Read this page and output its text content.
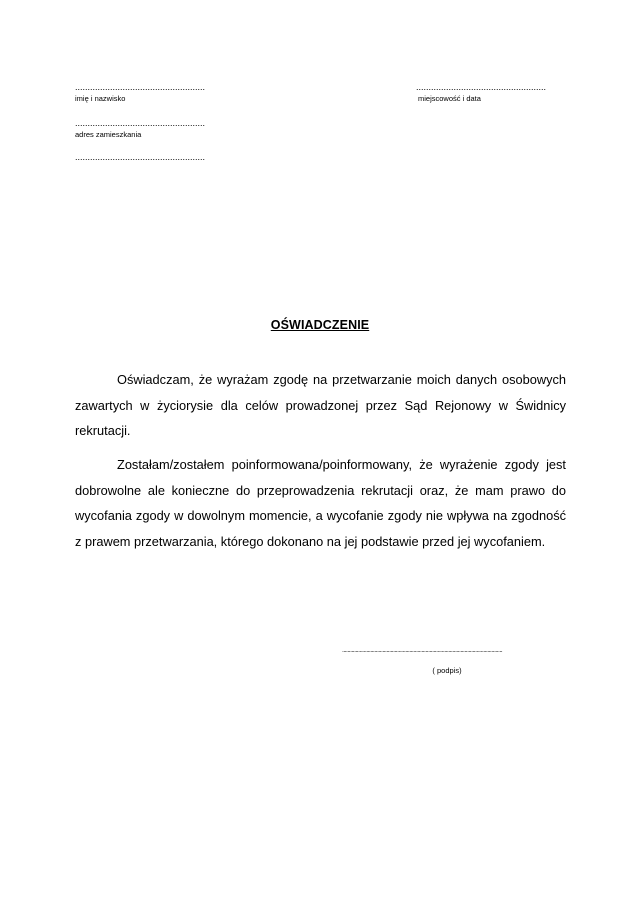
....................................................
imię i nazwisko
....................................................
adres zamieszkania
....................................................
....................................................
miejscowość i data
OŚWIADCZENIE

Oświadczam, że wyrażam zgodę na przetwarzanie moich danych osobowych zawartych w życiorysie dla celów prowadzonej przez Sąd Rejonowy w Świdnicy rekrutacji.

Zostałam/zostałem poinformowana/poinformowany, że wyrażenie zgody jest dobrowolne ale konieczne do przeprowadzenia rekrutacji oraz, że mam prawo do wycofania zgody w dowolnym momencie, a wycofanie zgody nie wpływa na zgodność z prawem przetwarzania, którego dokonano na jej podstawie przed jej wycofaniem.

.......................................................................................................................
( podpis)
